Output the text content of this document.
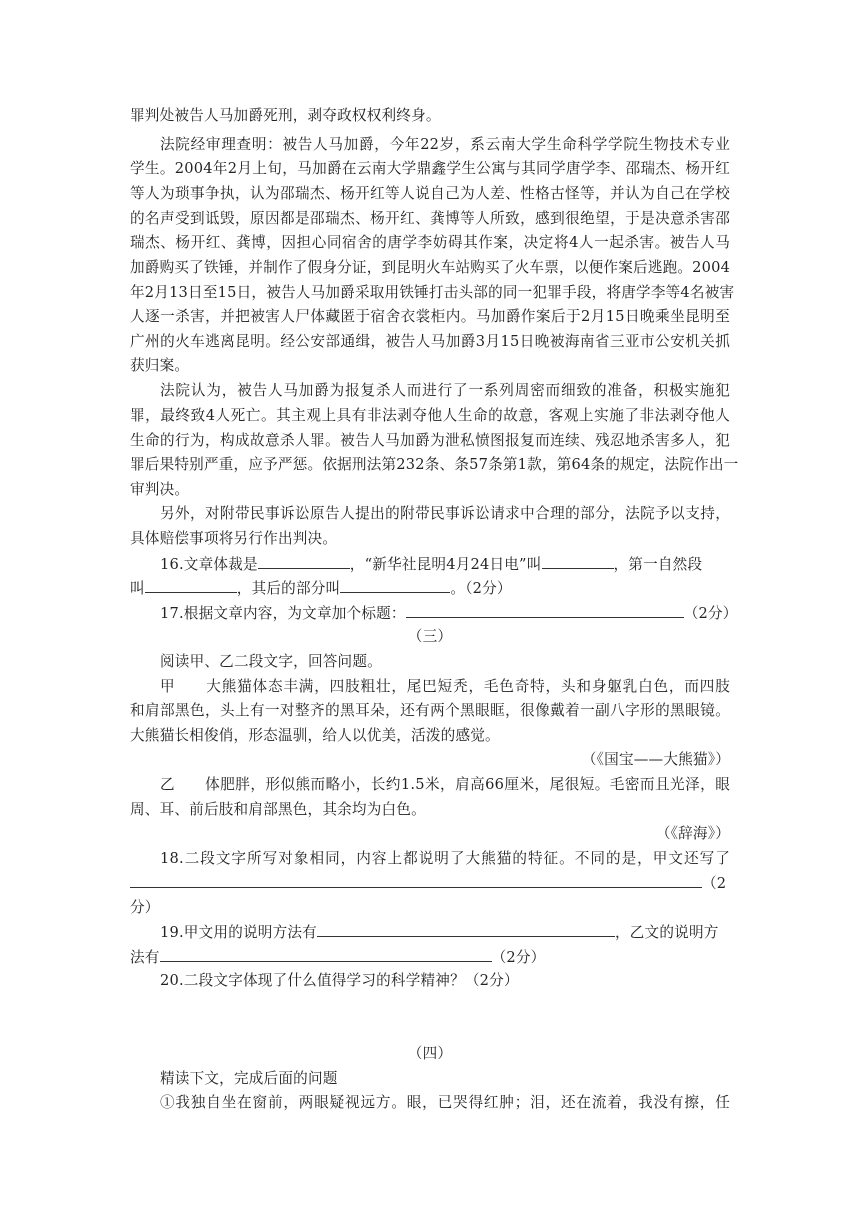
罪判处被告人马加爵死刑，剥夺政权权利终身。
法院经审理查明：被告人马加爵，今年22岁，系云南大学生命科学学院生物技术专业
学生。2004年2月上旬，马加爵在云南大学鼎鑫学生公寓与其同学唐学李、邵瑞杰、杨开红
等人为琐事争执，认为邵瑞杰、杨开红等人说自己为人差、性格古怪等，并认为自己在学校
的名声受到诋毁，原因都是邵瑞杰、杨开红、龚博等人所致，感到很绝望，于是决意杀害邵
瑞杰、杨开红、龚博，因担心同宿舍的唐学李妨碍其作案，决定将4人一起杀害。被告人马
加爵购买了铁锤，并制作了假身分证，到昆明火车站购买了火车票，以便作案后逃跑。2004
年2月13日至15日，被告人马加爵采取用铁锤打击头部的同一犯罪手段，将唐学李等4名被害
人逐一杀害，并把被害人尸体藏匿于宿舍衣裳柜内。马加爵作案后于2月15日晚乘坐昆明至
广州的火车逃离昆明。经公安部通缉，被告人马加爵3月15日晚被海南省三亚市公安机关抓
获归案。
法院认为，被告人马加爵为报复杀人而进行了一系列周密而细致的准备，积极实施犯
罪，最终致4人死亡。其主观上具有非法剥夺他人生命的故意，客观上实施了非法剥夺他人
生命的行为，构成故意杀人罪。被告人马加爵为泄私愤图报复而连续、残忍地杀害多人，犯
罪后果特别严重，应予严惩。依据刑法第232条、条57条第1款，第64条的规定，法院作出一
审判决。
另外，对附带民事诉讼原告人提出的附带民事诉讼请求中合理的部分，法院予以支持，
具体赔偿事项将另行作出判决。
16.文章体裁是	，“新华社昆明4月24日电”叫	，第一自然段
叫	，其后的部分叫	。（2分）
17.根据文章内容，为文章加个标题：	（2分）
（三）
阅读甲、乙二段文字，回答问题。
甲　　大熊猫体态丰满，四肢粗壮，尾巴短秃，毛色奇特，头和身躯乳白色，而四肢
和肩部黑色，头上有一对整齐的黑耳朵，还有两个黑眼眶，很像戴着一副八字形的黑眼镜。
大熊猫长相俊俏，形态温驯，给人以优美，活泼的感觉。
（《国宝——大熊猫》）
乙　　体肥胖，形似熊而略小，长约1.5米，肩高66厘米，尾很短。毛密而且光泽，眼
周、耳、前后肢和肩部黑色，其余均为白色。
（《辞海》）
18.二段文字所写对象相同，内容上都说明了大熊猫的特征。不同的是，甲文还写了
（2
分）
19.甲文用的说明方法有	，乙文的说明方
法有	（2分）
20.二段文字体现了什么值得学习的科学精神？（2分）
（四）
精读下文，完成后面的问题
①我独自坐在窗前，两眼疑视远方。眼，已哭得红肿；泪，还在流着，我没有擦，任
